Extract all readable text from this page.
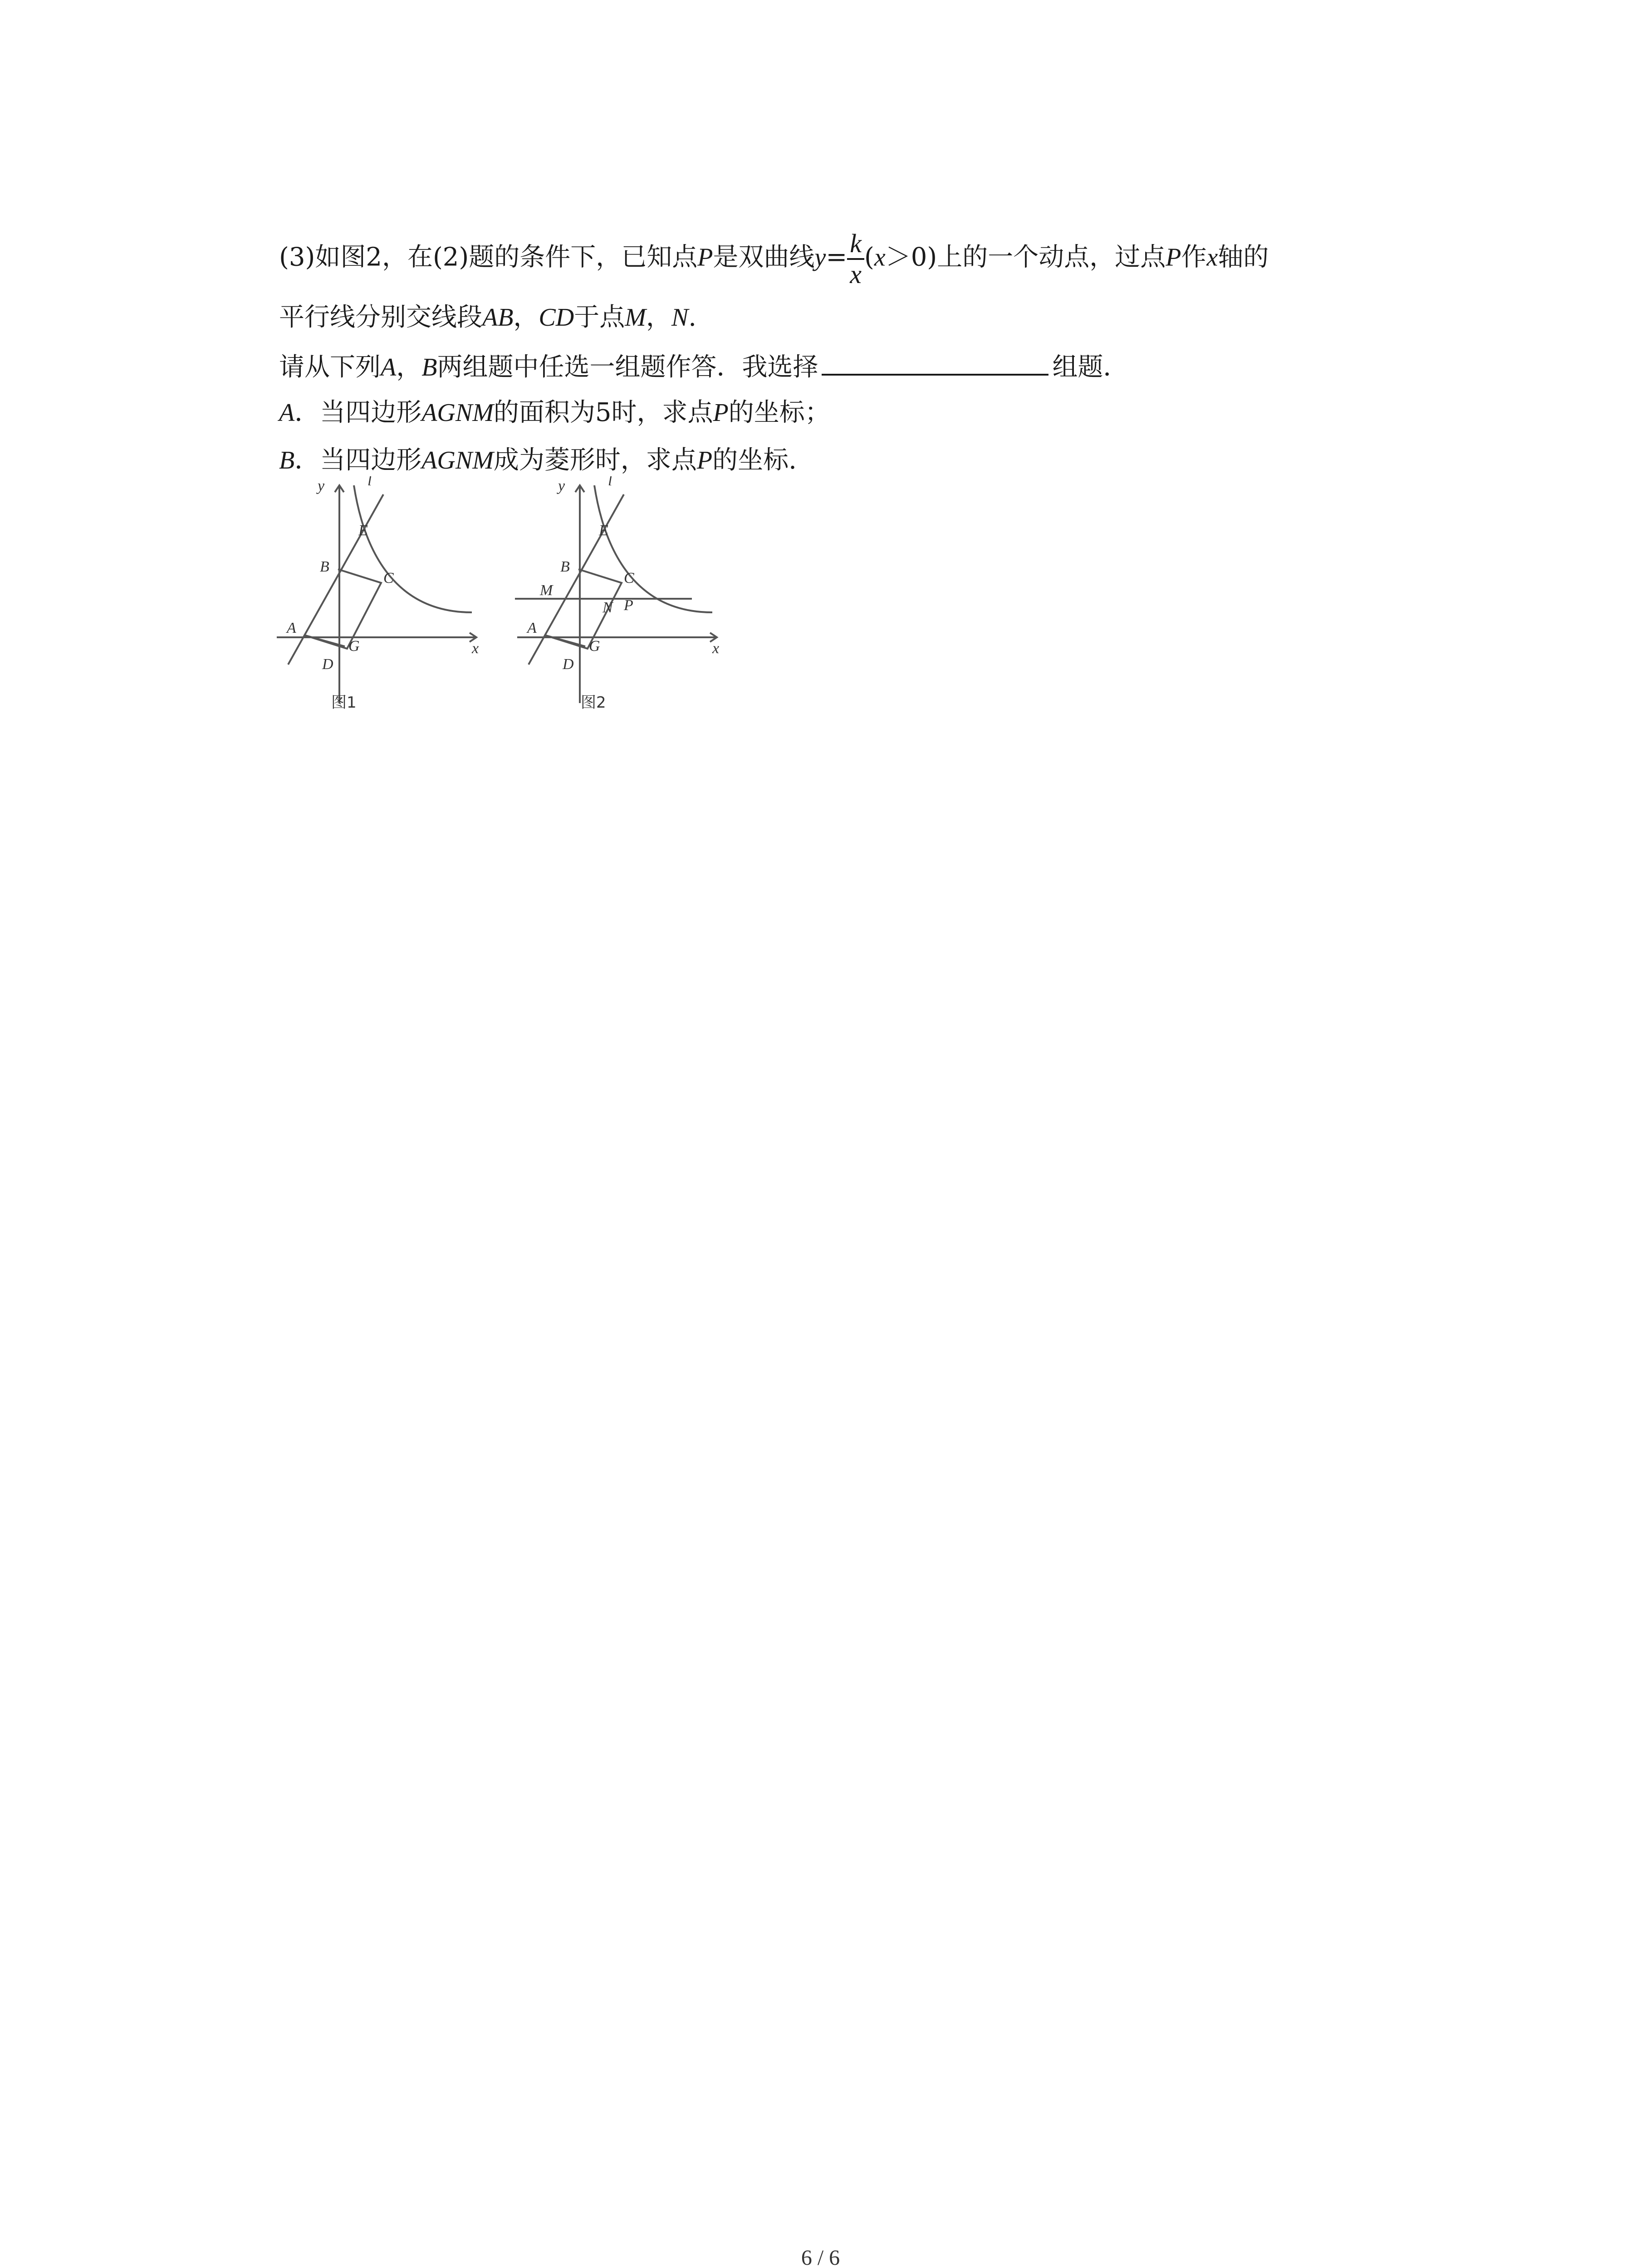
(3)如图2，在(2)题的条件下，已知点P是双曲线$y= \frac{k}{x} (x>0)$上的一个动点，过点P作x轴的
平行线分别交线段AB，CD于点M，N.
请从下列A，B两组题中任选一组题作答．我选择	组题．
A．当四边形AGNM的面积为5时，求点P的坐标；
B．当四边形AGNM成为菱形时，求点P的坐标.
y	l
E
B
C
A
G
D
x
图1
y	l
E
B
M
C
N P
A
G
D
x
图2
6 / 6
